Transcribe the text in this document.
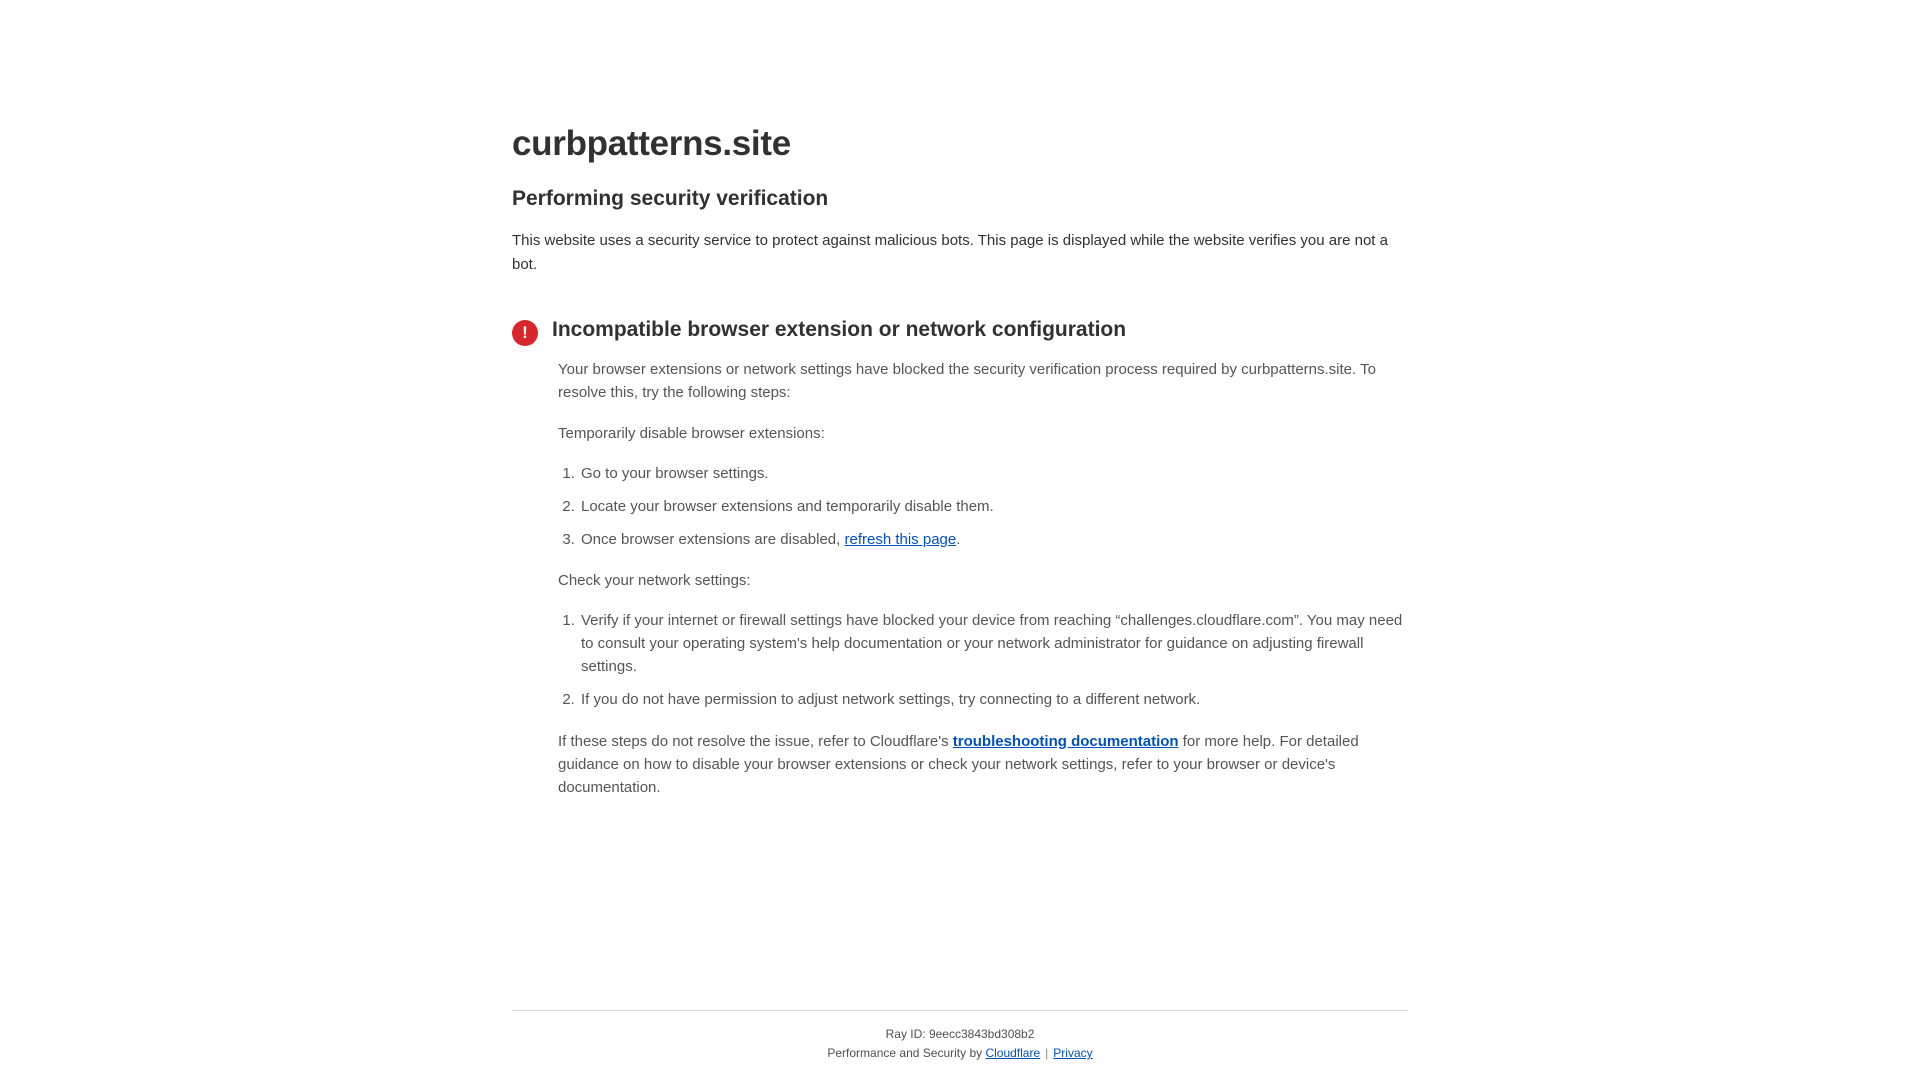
curbpatterns.site
Performing security verification

This website uses a security service to protect against malicious bots. This page is displayed while the website verifies you are not a bot.

!	Incompatible browser extension or network configuration

Your browser extensions or network settings have blocked the security verification process required by curbpatterns.site. To resolve this, try the following steps:

Temporarily disable browser extensions:

1. Go to your browser settings.
2. Locate your browser extensions and temporarily disable them.
3. Once browser extensions are disabled, refresh this page.

Check your network settings:

1. Verify if your internet or firewall settings have blocked your device from reaching “challenges.cloudflare.com”. You may need to consult your operating system's help documentation or your network administrator for guidance on adjusting firewall settings.
2. If you do not have permission to adjust network settings, try connecting to a different network.

If these steps do not resolve the issue, refer to Cloudflare's troubleshooting documentation for more help. For detailed guidance on how to disable your browser extensions or check your network settings, refer to your browser or device's documentation.

Ray ID: 9eecc3843bd308b2
Performance and Security by Cloudflare | Privacy
